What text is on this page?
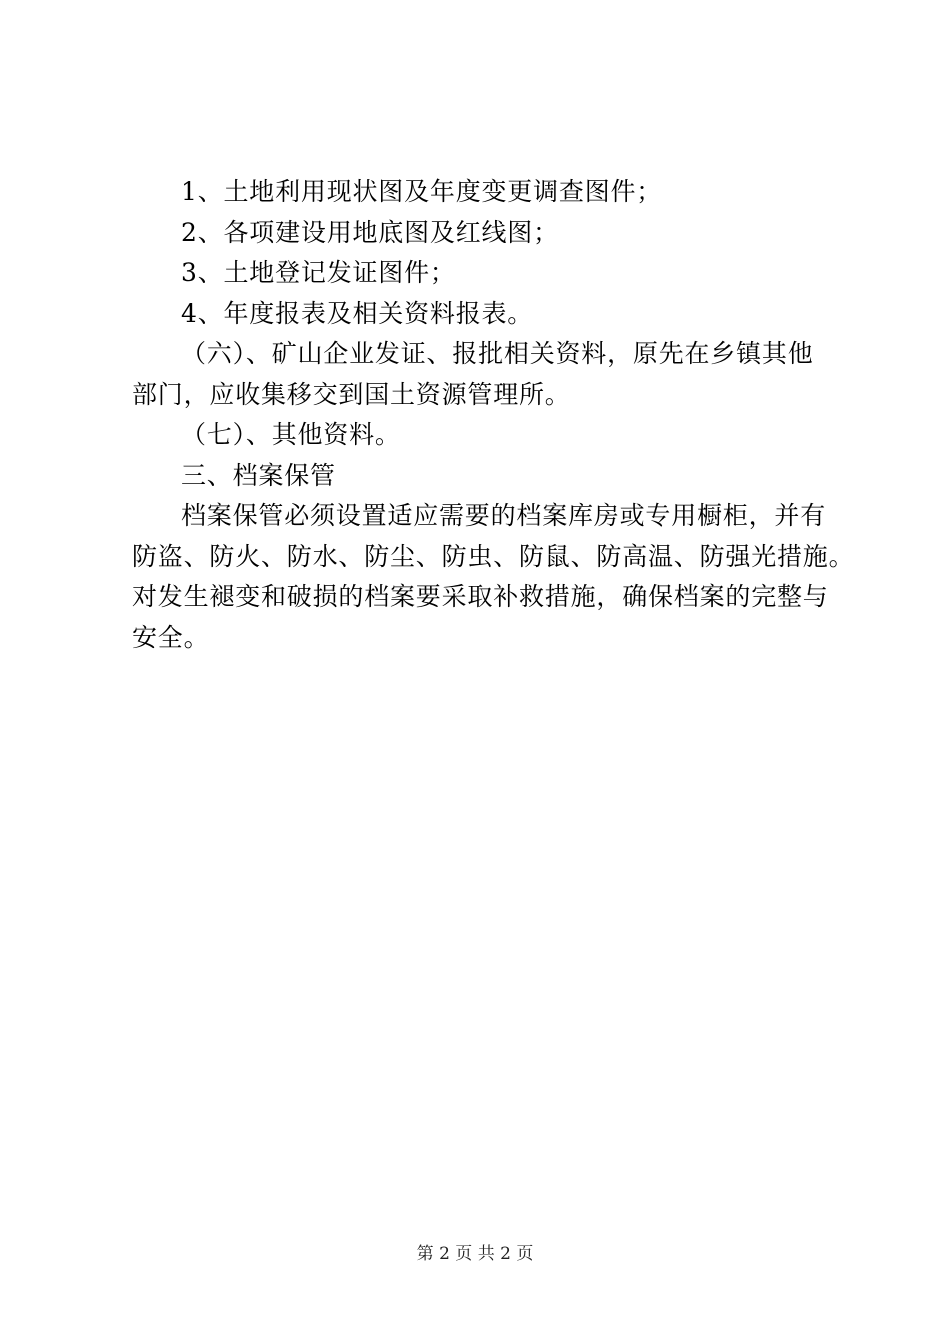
1、土地利用现状图及年度变更调查图件；
2、各项建设用地底图及红线图；
3、土地登记发证图件；
4、年度报表及相关资料报表。
（六）、矿山企业发证、报批相关资料，原先在乡镇其他
部门，应收集移交到国土资源管理所。
（七）、其他资料。
三、档案保管
档案保管必须设置适应需要的档案库房或专用橱柜，并有
防盗、防火、防水、防尘、防虫、防鼠、防高温、防强光措施。
对发生褪变和破损的档案要采取补救措施，确保档案的完整与
安全。
第 2 页 共 2 页
